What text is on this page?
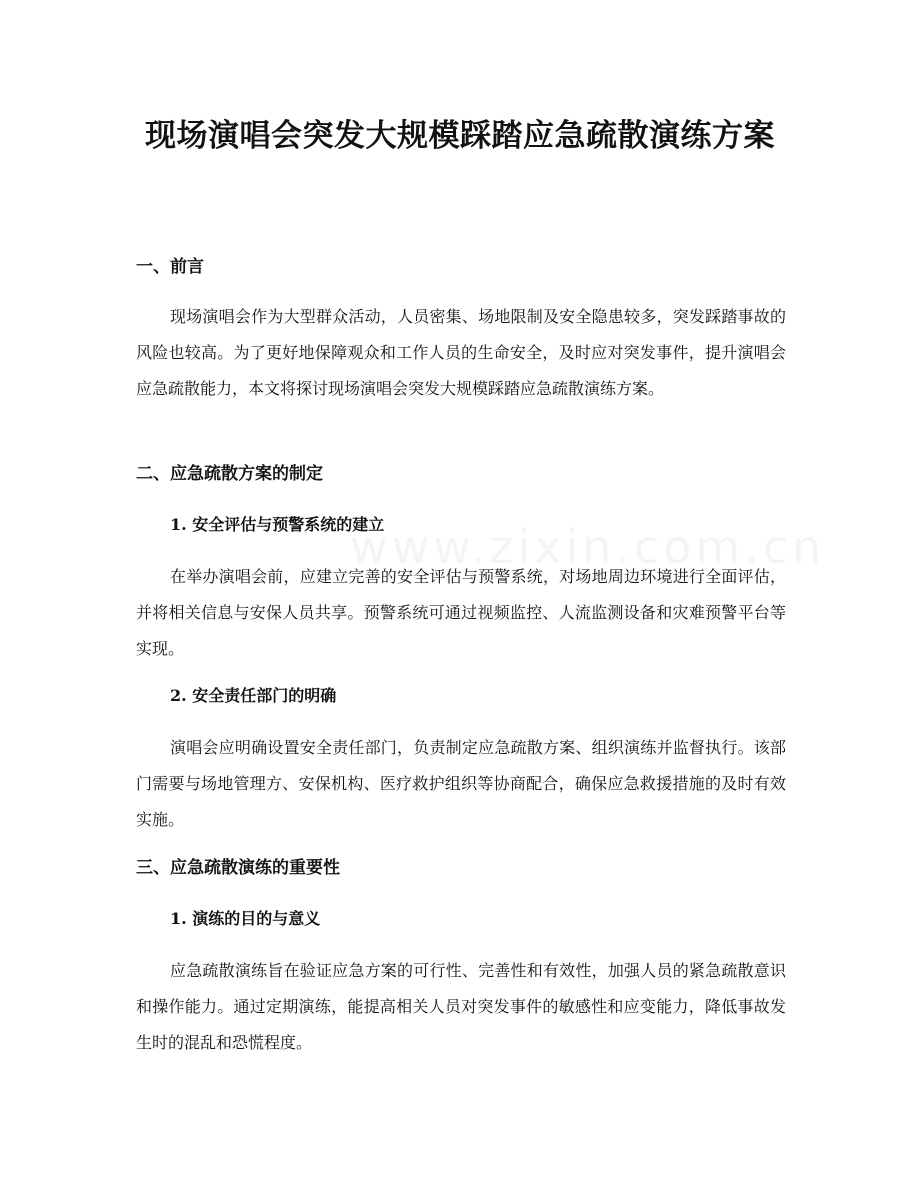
现场演唱会突发大规模踩踏应急疏散演练方案
一、前言

现场演唱会作为大型群众活动，人员密集、场地限制及安全隐患较多，突发踩踏事故的风险也较高。为了更好地保障观众和工作人员的生命安全，及时应对突发事件，提升演唱会应急疏散能力，本文将探讨现场演唱会突发大规模踩踏应急疏散演练方案。

二、应急疏散方案的制定
1. 安全评估与预警系统的建立

在举办演唱会前，应建立完善的安全评估与预警系统，对场地周边环境进行全面评估，并将相关信息与安保人员共享。预警系统可通过视频监控、人流监测设备和灾难预警平台等实现。

2. 安全责任部门的明确

演唱会应明确设置安全责任部门，负责制定应急疏散方案、组织演练并监督执行。该部门需要与场地管理方、安保机构、医疗救护组织等协商配合，确保应急救援措施的及时有效实施。

三、应急疏散演练的重要性
1. 演练的目的与意义

应急疏散演练旨在验证应急方案的可行性、完善性和有效性，加强人员的紧急疏散意识和操作能力。通过定期演练，能提高相关人员对突发事件的敏感性和应变能力，降低事故发生时的混乱和恐慌程度。
